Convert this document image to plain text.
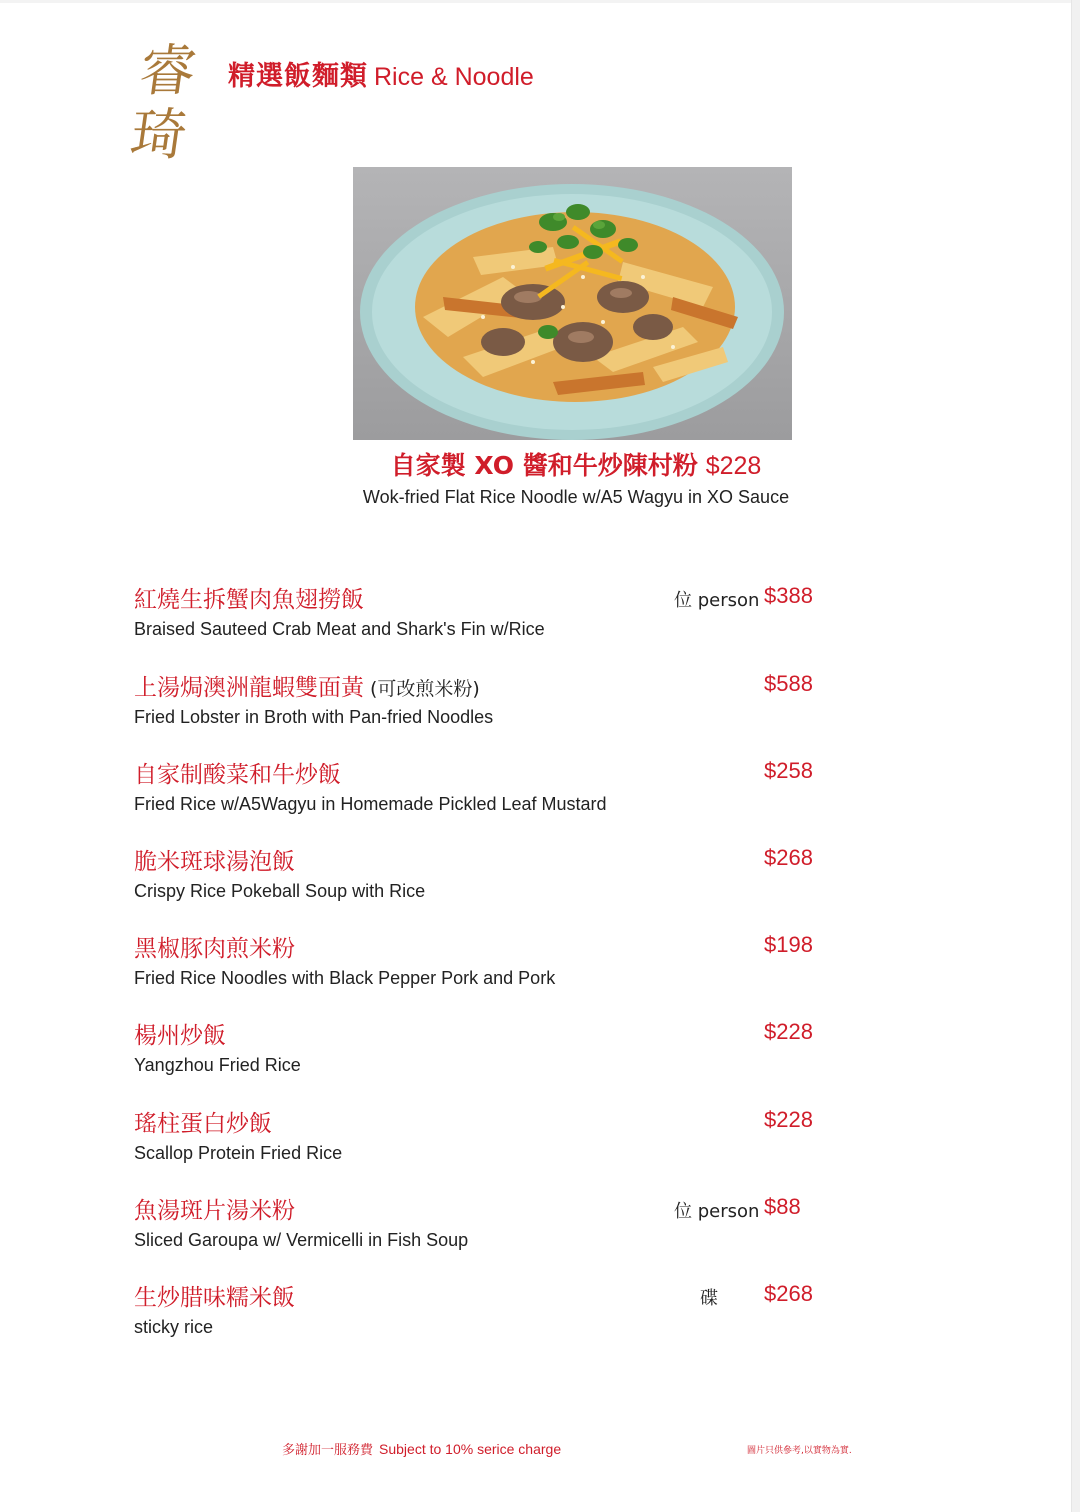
睿琦
精選飯麵類 Rice & Noodle
自家製 XO 醬和牛炒陳村粉 $228
Wok-fried Flat Rice Noodle w/A5 Wagyu in XO Sauce
紅燒生拆蟹肉魚翅撈飯
Braised Sauteed Crab Meat and Shark's Fin w/Rice
位 person $388
上湯焗澳洲龍蝦雙面黃 (可改煎米粉)
Fried Lobster in Broth with Pan-fried Noodles
$588
自家制酸菜和牛炒飯
Fried Rice w/A5Wagyu in Homemade Pickled Leaf Mustard
$258
脆米斑球湯泡飯
Crispy Rice Pokeball Soup with Rice
$268
黑椒豚肉煎米粉
Fried Rice Noodles with Black Pepper Pork and Pork
$198
楊州炒飯
Yangzhou Fried Rice
$228
瑤柱蛋白炒飯
Scallop Protein Fried Rice
$228
魚湯斑片湯米粉
Sliced Garoupa w/ Vermicelli in Fish Soup
位 person $88
生炒腊味糯米飯
sticky rice
碟 $268
多謝加一服務費 Subject to 10% serice charge	圖片只供參考,以實物為實.
